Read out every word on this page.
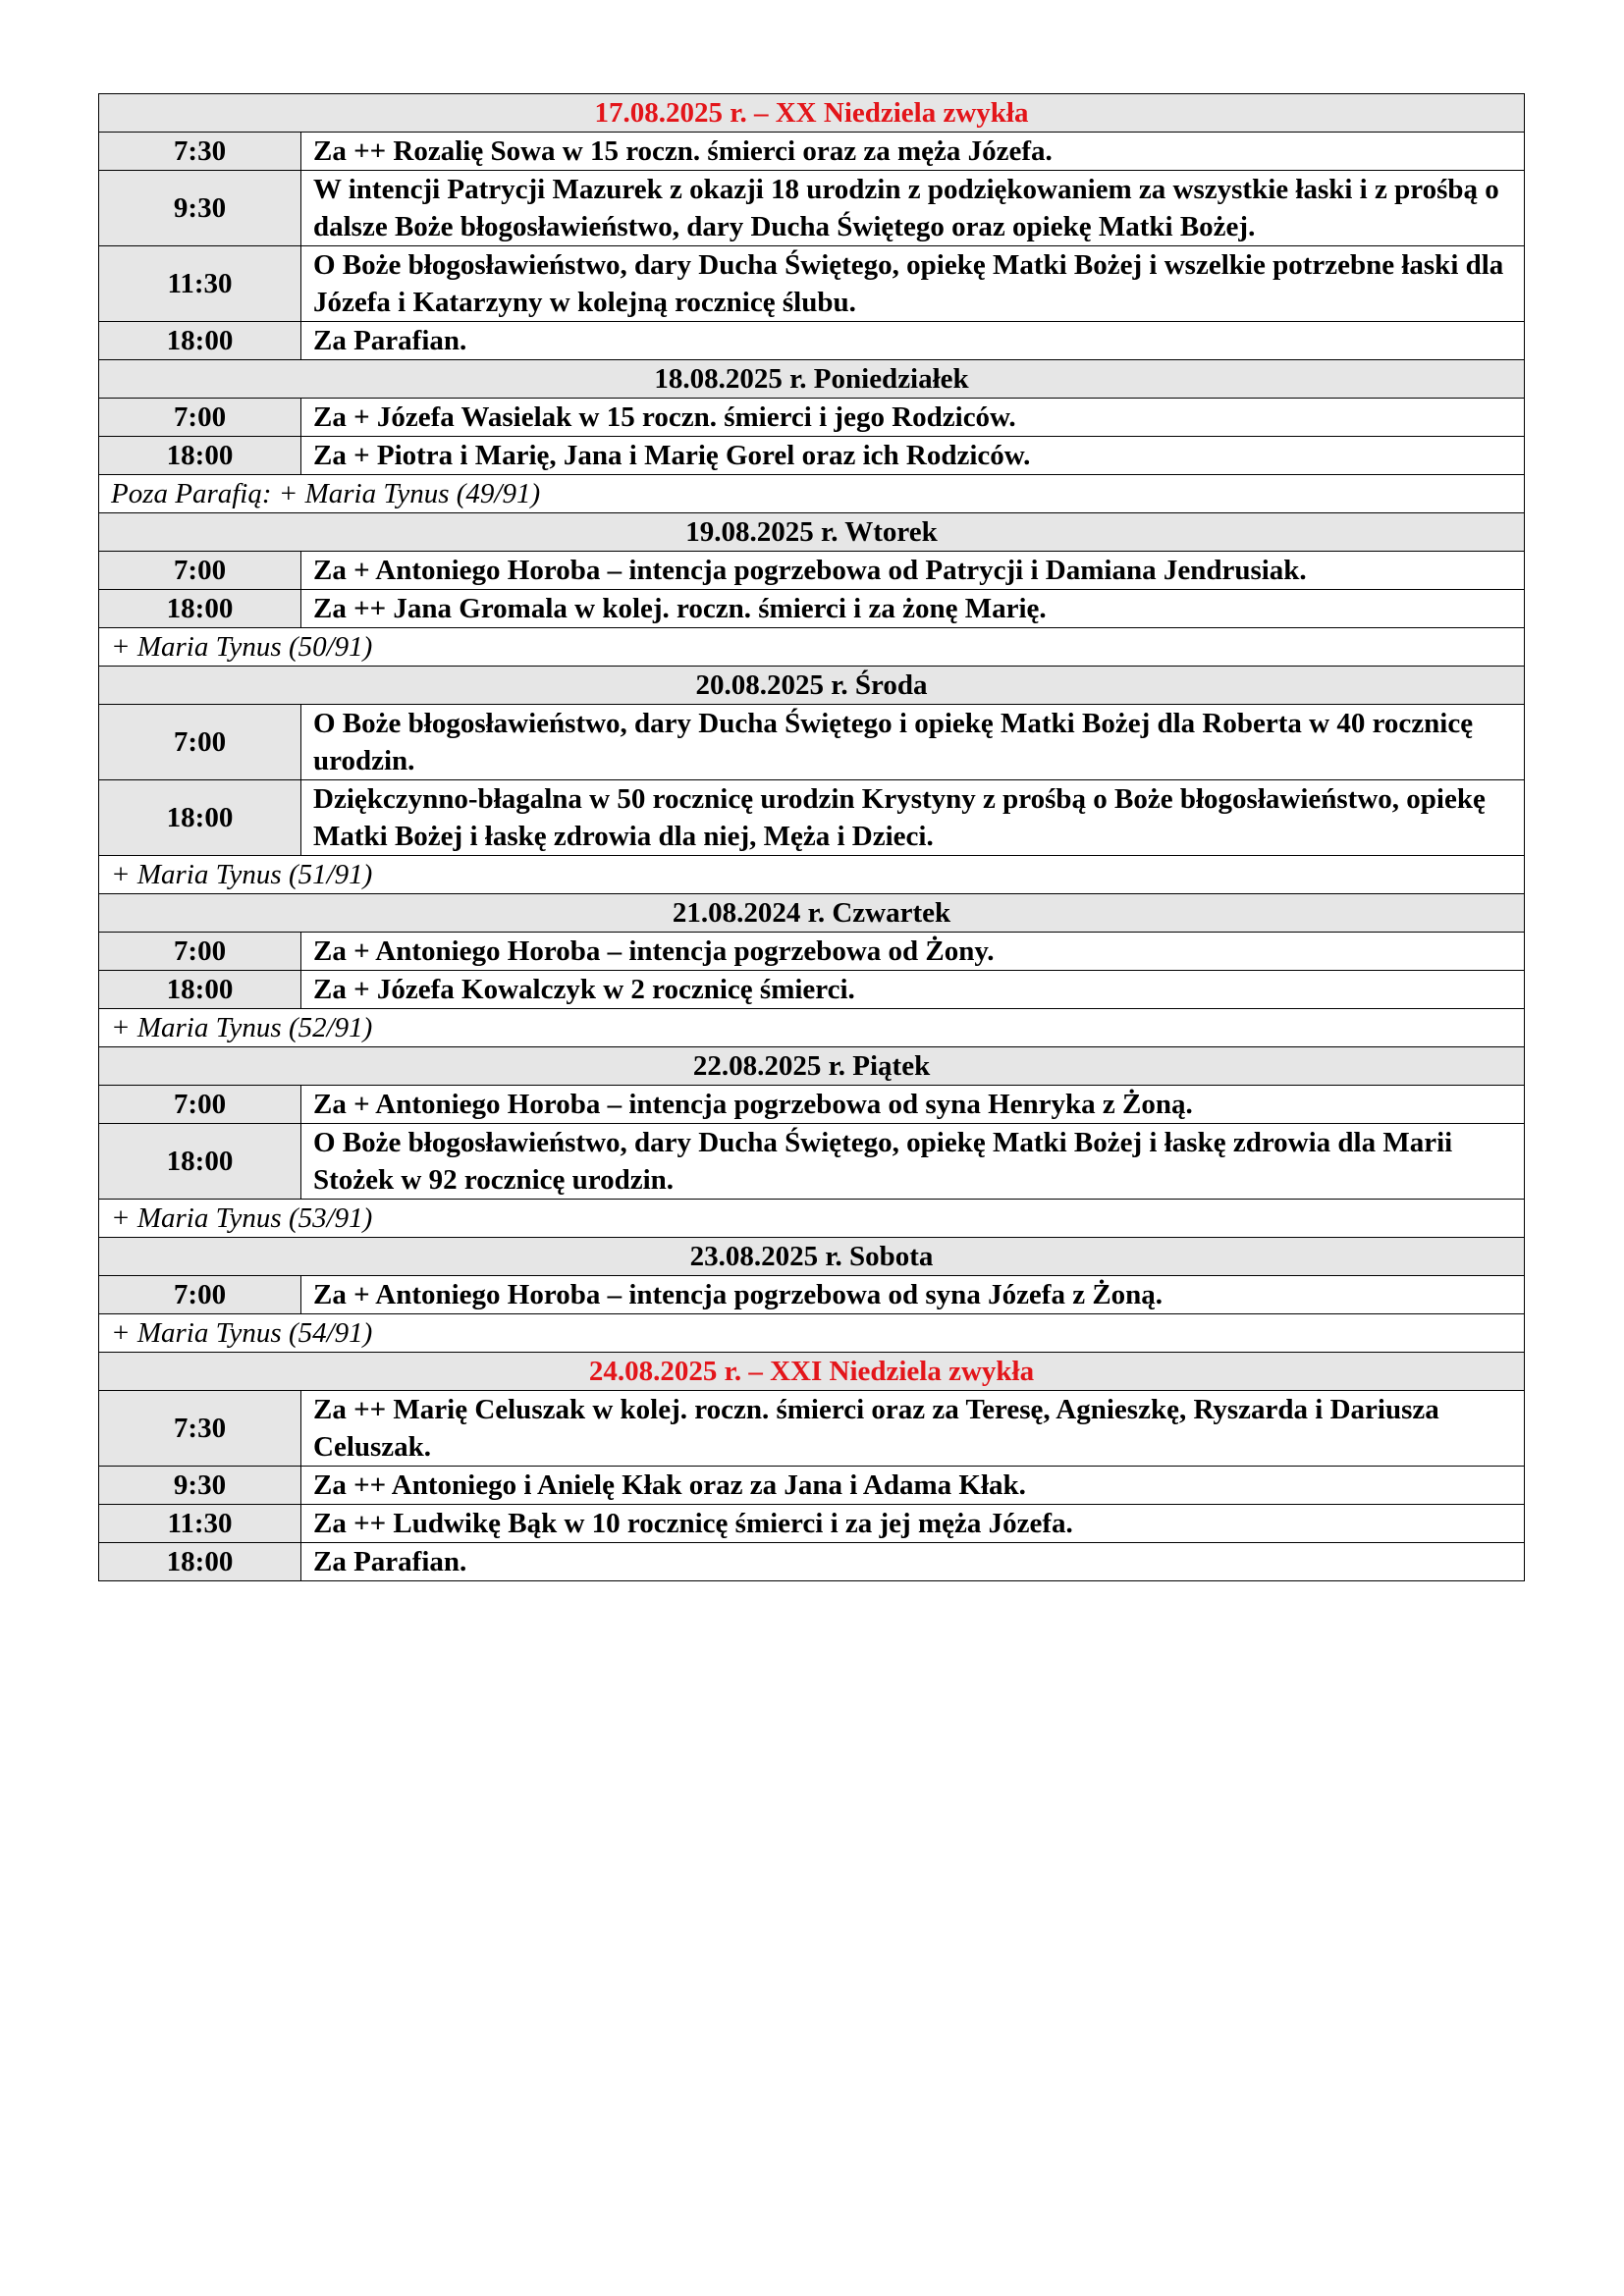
17.08.2025 r. – XX Niedziela zwykła	
7:30	Za ++ Rozalię Sowa w 15 roczn. śmierci oraz za męża Józefa.
9:30	W intencji Patrycji Mazurek z okazji 18 urodzin z podziękowaniem za wszystkie łaski i z prośbą o dalsze Boże błogosławieństwo, dary Ducha Świętego oraz opiekę Matki Bożej.
11:30	O Boże błogosławieństwo, dary Ducha Świętego, opiekę Matki Bożej i wszelkie potrzebne łaski dla Józefa i Katarzyny w kolejną rocznicę ślubu.
18:00	Za Parafian.
18.08.2025 r. Poniedziałek	
7:00	Za + Józefa Wasielak w 15 roczn. śmierci i jego Rodziców.
18:00	Za + Piotra i Marię, Jana i Marię Gorel oraz ich Rodziców.
Poza Parafią: + Maria Tynus (49/91)	
19.08.2025 r. Wtorek	
7:00	Za + Antoniego Horoba – intencja pogrzebowa od Patrycji i Damiana Jendrusiak.
18:00	Za ++ Jana Gromala w kolej. roczn. śmierci i za żonę Marię.
+ Maria Tynus (50/91)	
20.08.2025 r. Środa	
7:00	O Boże błogosławieństwo, dary Ducha Świętego i opiekę Matki Bożej dla Roberta w 40 rocznicę urodzin.
18:00	Dziękczynno-błagalna w 50 rocznicę urodzin Krystyny z prośbą o Boże błogosławieństwo, opiekę Matki Bożej i łaskę zdrowia dla niej, Męża i Dzieci.
+ Maria Tynus (51/91)	
21.08.2024 r. Czwartek	
7:00	Za + Antoniego Horoba – intencja pogrzebowa od Żony.
18:00	Za + Józefa Kowalczyk w 2 rocznicę śmierci.
+ Maria Tynus (52/91)	
22.08.2025 r. Piątek	
7:00	Za + Antoniego Horoba – intencja pogrzebowa od syna Henryka z Żoną.
18:00	O Boże błogosławieństwo, dary Ducha Świętego, opiekę Matki Bożej i łaskę zdrowia dla Marii Stożek w 92 rocznicę urodzin.
+ Maria Tynus (53/91)	
23.08.2025 r. Sobota	
7:00	Za + Antoniego Horoba – intencja pogrzebowa od syna Józefa z Żoną.
+ Maria Tynus (54/91)	
24.08.2025 r. – XXI Niedziela zwykła	
7:30	Za ++ Marię Celuszak w kolej. roczn. śmierci oraz za Teresę, Agnieszkę, Ryszarda i Dariusza Celuszak.
9:30	Za ++ Antoniego i Anielę Kłak oraz za Jana i Adama Kłak.
11:30	Za ++ Ludwikę Bąk w 10 rocznicę śmierci i za jej męża Józefa.
18:00	Za Parafian.
